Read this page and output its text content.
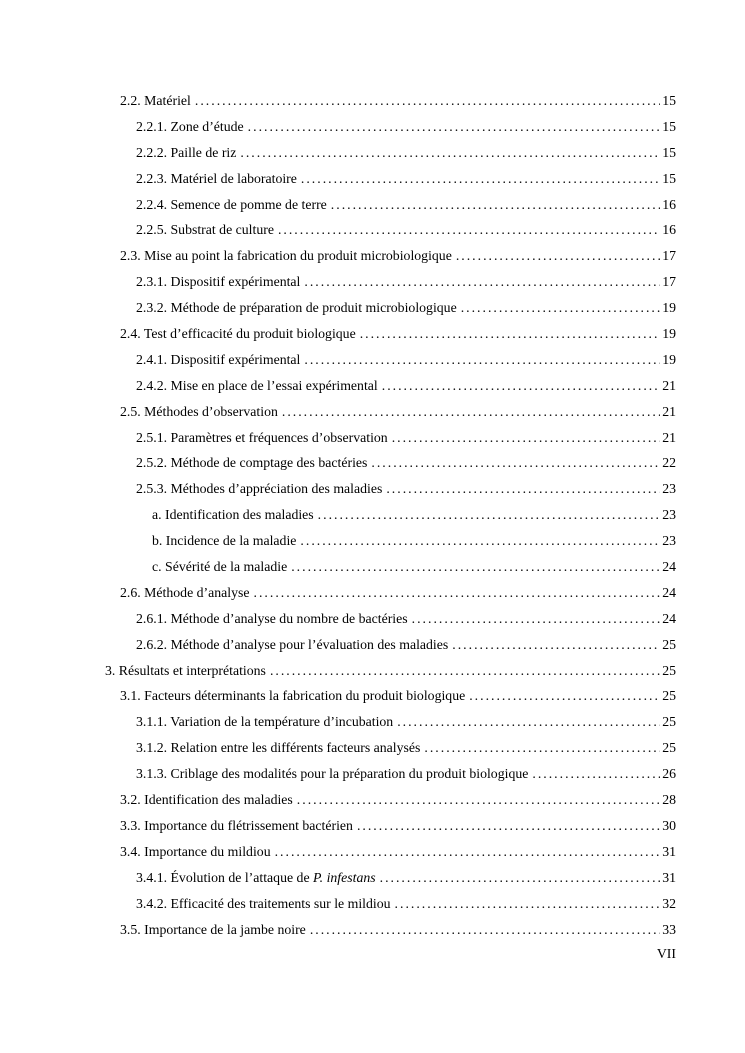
2.2. Matériel .....	15
2.2.1. Zone d’étude .....	15
2.2.2. Paille de riz .....	15
2.2.3. Matériel de laboratoire .....	15
2.2.4. Semence de pomme de terre .....	16
2.2.5. Substrat de culture .....	16
2.3. Mise au point la fabrication du produit microbiologique .....	17
2.3.1. Dispositif expérimental .....	17
2.3.2. Méthode de préparation de produit microbiologique .....	19
2.4. Test d’efficacité du produit biologique .....	19
2.4.1. Dispositif expérimental .....	19
2.4.2. Mise en place de l’essai expérimental .....	21
2.5. Méthodes d’observation .....	21
2.5.1. Paramètres et fréquences d’observation .....	21
2.5.2. Méthode de comptage des bactéries .....	22
2.5.3. Méthodes d’appréciation des maladies .....	23
a. Identification des maladies .....	23
b. Incidence de la maladie .....	23
c. Sévérité de la maladie .....	24
2.6. Méthode d’analyse .....	24
2.6.1. Méthode d’analyse du nombre de bactéries .....	24
2.6.2. Méthode d’analyse pour l’évaluation des maladies .....	25
3. Résultats et interprétations .....	25
3.1. Facteurs déterminants la fabrication du produit biologique .....	25
3.1.1. Variation de la température d’incubation .....	25
3.1.2. Relation entre les différents facteurs analysés .....	25
3.1.3. Criblage des modalités pour la préparation du produit biologique .....	26
3.2. Identification des maladies .....	28
3.3. Importance du flétrissement bactérien .....	30
3.4. Importance du mildiou .....	31
3.4.1. Évolution de l’attaque de P. infestans .....	31
3.4.2. Efficacité des traitements sur le mildiou .....	32
3.5. Importance de la jambe noire .....	33
VII
